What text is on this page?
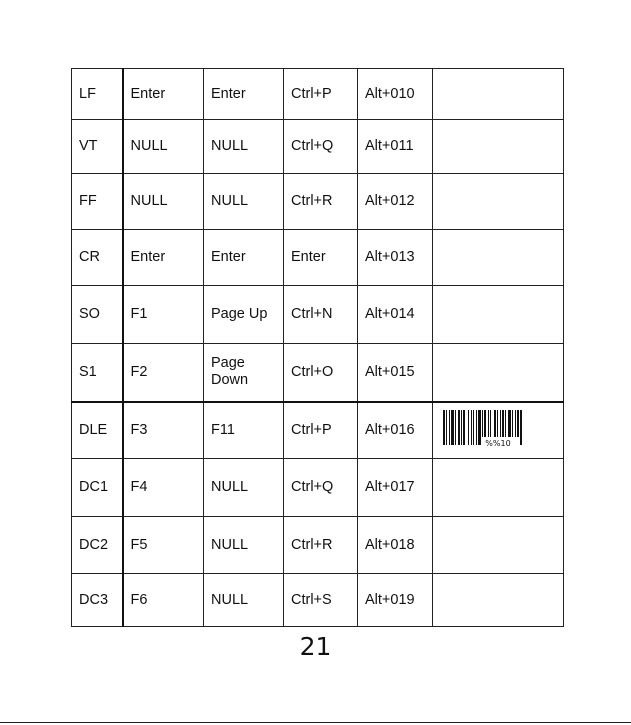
LF	Enter	Enter	Ctrl+P	Alt+010	
VT	NULL	NULL	Ctrl+Q	Alt+011	
FF	NULL	NULL	Ctrl+R	Alt+012	
CR	Enter	Enter	Enter	Alt+013	
SO	F1	Page Up	Ctrl+N	Alt+014	
S1	F2	Page Down	Ctrl+O	Alt+015	
DLE	F3	F11	Ctrl+P	Alt+016	%%10

DC1	F4	NULL	Ctrl+Q	Alt+017	
DC2	F5	NULL	Ctrl+R	Alt+018	
DC3	F6	NULL	Ctrl+S	Alt+019	
21
